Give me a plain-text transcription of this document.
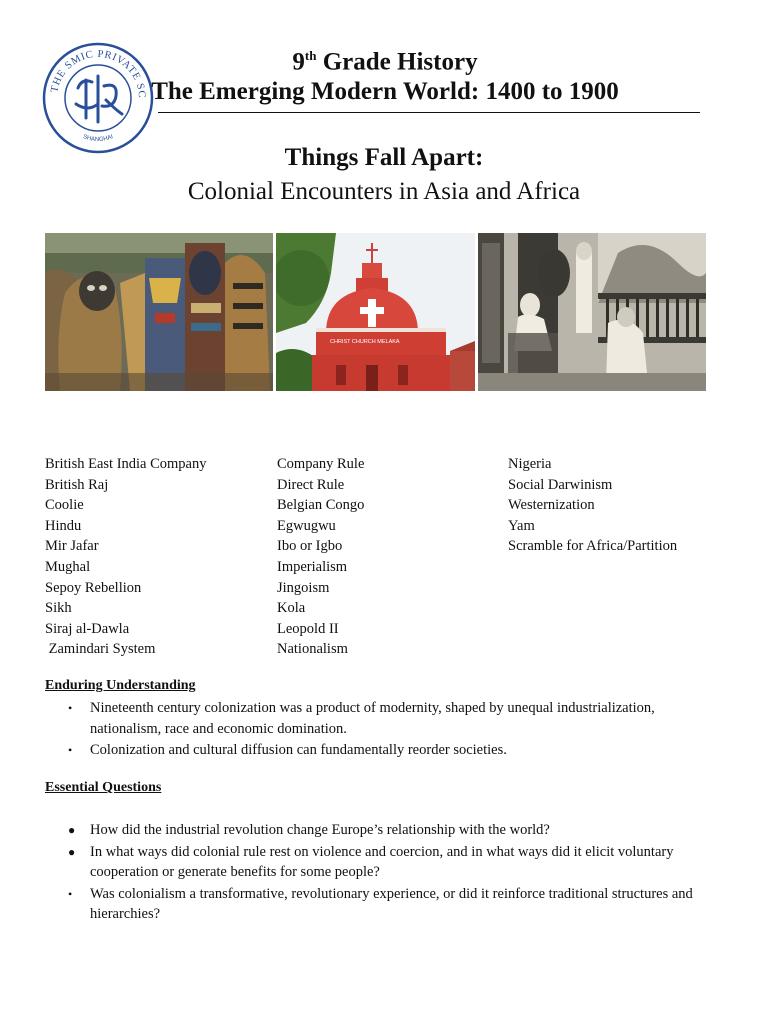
THE SMIC PRIVATE SC
SHANGHAI
9th Grade History
The Emerging Modern World: 1400 to 1900
Things Fall Apart:
Colonial Encounters in Asia and Africa
CHRIST CHURCH MELAKA
British East India Company
British Raj
Coolie
Hindu
Mir Jafar
Mughal
Sepoy Rebellion
Sikh
Siraj al-Dawla
Zamindari System
Company Rule
Direct Rule
Belgian Congo
Egwugwu
Ibo or Igbo
Imperialism
Jingoism
Kola
Leopold II
Nationalism
Nigeria
Social Darwinism
Westernization
Yam
Scramble for Africa/Partition
Enduring Understanding
• Nineteenth century colonization was a product of modernity, shaped by unequal industrialization, nationalism, race and economic domination.
• Colonization and cultural diffusion can fundamentally reorder societies.
Essential Questions
● How did the industrial revolution change Europe’s relationship with the world?
● In what ways did colonial rule rest on violence and coercion, and in what ways did it elicit voluntary cooperation or generate benefits for some people?
• Was colonialism a transformative, revolutionary experience, or did it reinforce traditional structures and hierarchies?
